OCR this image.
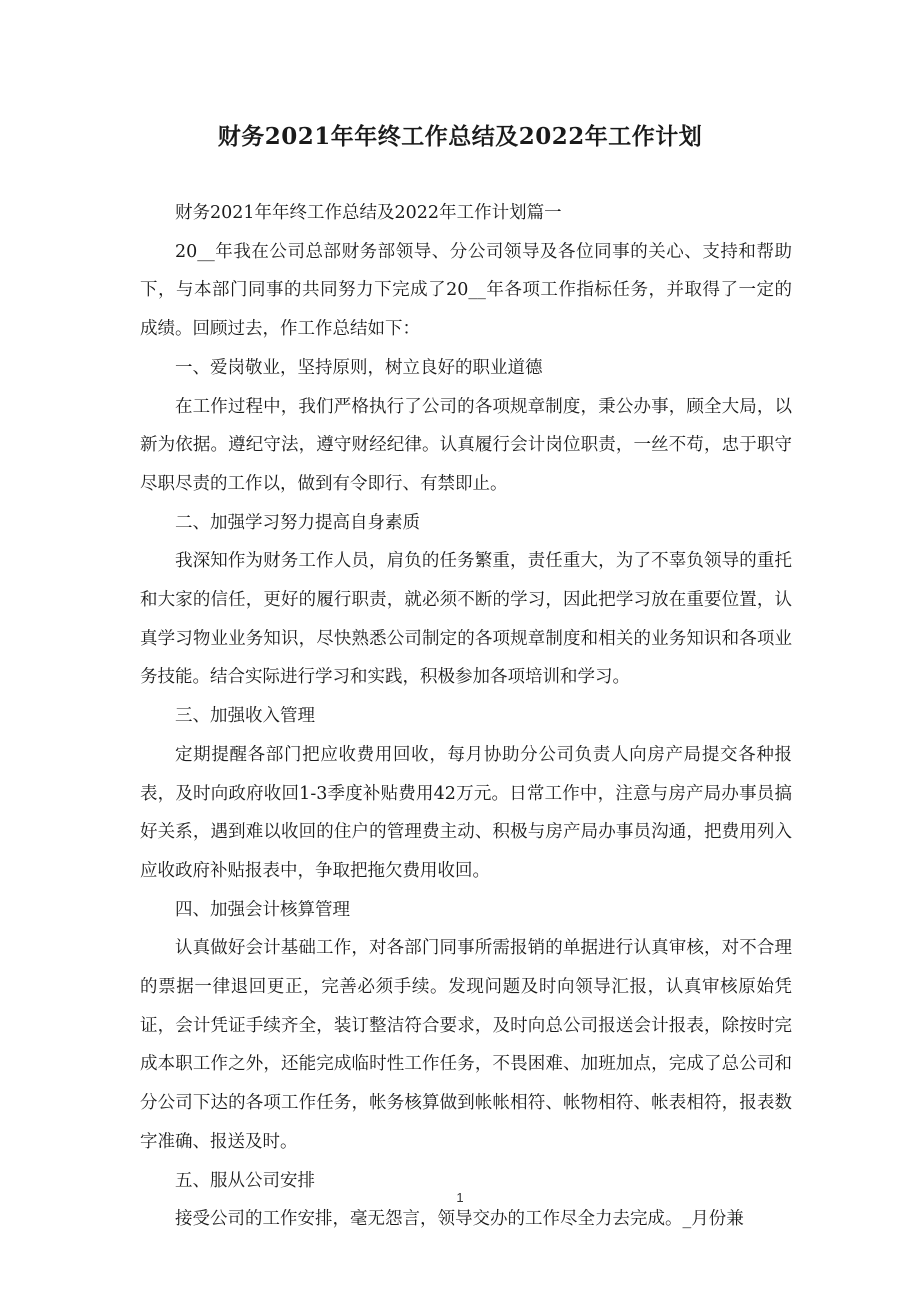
财务2021年年终工作总结及2022年工作计划

财务2021年年终工作总结及2022年工作计划篇一

20__年我在公司总部财务部领导、分公司领导及各位同事的关心、支持和帮助下，与本部门同事的共同努力下完成了20__年各项工作指标任务，并取得了一定的成绩。回顾过去，作工作总结如下：

一、爱岗敬业，坚持原则，树立良好的职业道德

在工作过程中，我们严格执行了公司的各项规章制度，秉公办事，顾全大局，以新为依据。遵纪守法，遵守财经纪律。认真履行会计岗位职责，一丝不苟，忠于职守尽职尽责的工作以，做到有令即行、有禁即止。

二、加强学习努力提高自身素质

我深知作为财务工作人员，肩负的任务繁重，责任重大，为了不辜负领导的重托和大家的信任，更好的履行职责，就必须不断的学习，因此把学习放在重要位置，认真学习物业业务知识，尽快熟悉公司制定的各项规章制度和相关的业务知识和各项业务技能。结合实际进行学习和实践，积极参加各项培训和学习。

三、加强收入管理

定期提醒各部门把应收费用回收，每月协助分公司负责人向房产局提交各种报表，及时向政府收回1-3季度补贴费用42万元。日常工作中，注意与房产局办事员搞好关系，遇到难以收回的住户的管理费主动、积极与房产局办事员沟通，把费用列入应收政府补贴报表中，争取把拖欠费用收回。

四、加强会计核算管理

认真做好会计基础工作，对各部门同事所需报销的单据进行认真审核，对不合理的票据一律退回更正，完善必须手续。发现问题及时向领导汇报，认真审核原始凭证，会计凭证手续齐全，装订整洁符合要求，及时向总公司报送会计报表，除按时完成本职工作之外，还能完成临时性工作任务，不畏困难、加班加点，完成了总公司和分公司下达的各项工作任务，帐务核算做到帐帐相符、帐物相符、帐表相符，报表数字准确、报送及时。

五、服从公司安排

接受公司的工作安排，毫无怨言，领导交办的工作尽全力去完成。_月份兼

1
